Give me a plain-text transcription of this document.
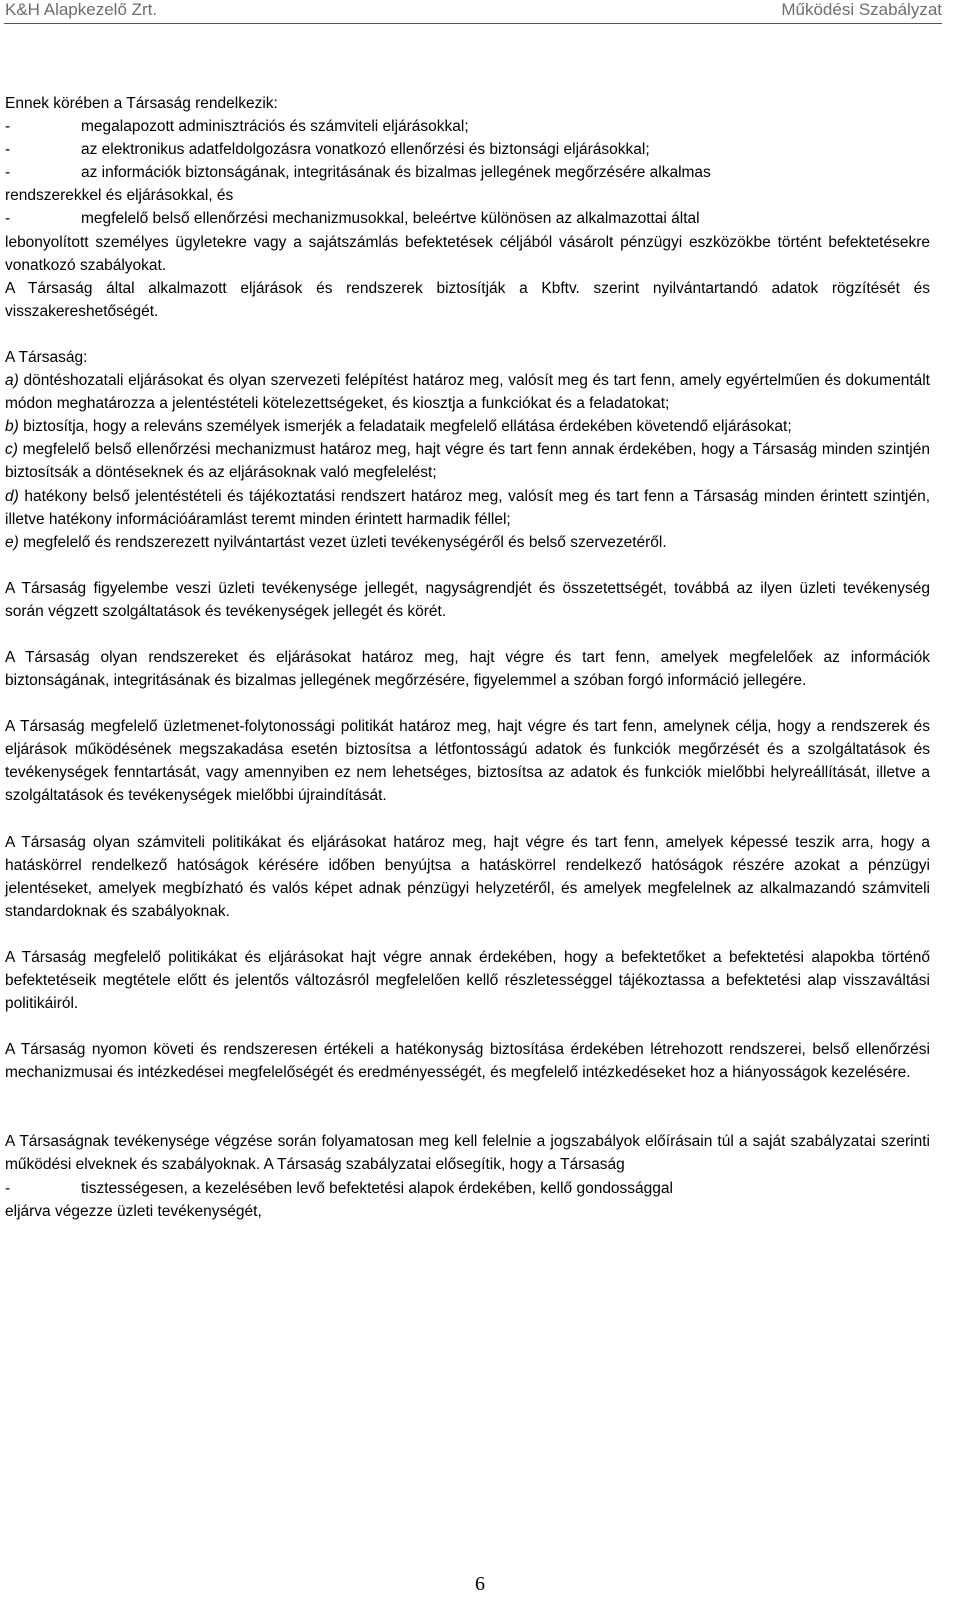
K&H Alapkezelő Zrt.	Működési Szabályzat

Ennek körében a Társaság rendelkezik:

-	megalapozott adminisztrációs és számviteli eljárásokkal;
-	az elektronikus adatfeldolgozásra vonatkozó ellenőrzési és biztonsági eljárásokkal;
-	az információk biztonságának, integritásának és bizalmas jellegének megőrzésére alkalmas

rendszerekkel és eljárásokkal, és

-	megfelelő belső ellenőrzési mechanizmusokkal, beleértve különösen az alkalmazottai által

lebonyolított személyes ügyletekre vagy a sajátszámlás befektetések céljából vásárolt pénzügyi eszközökbe történt befektetésekre vonatkozó szabályokat.

A Társaság által alkalmazott eljárások és rendszerek biztosítják a Kbftv. szerint nyilvántartandó adatok rögzítését és visszakereshetőségét.

A Társaság:

a) döntéshozatali eljárásokat és olyan szervezeti felépítést határoz meg, valósít meg és tart fenn, amely egyértelműen és dokumentált módon meghatározza a jelentéstételi kötelezettségeket, és kiosztja a funkciókat és a feladatokat;

b) biztosítja, hogy a releváns személyek ismerjék a feladataik megfelelő ellátása érdekében követendő eljárásokat;

c) megfelelő belső ellenőrzési mechanizmust határoz meg, hajt végre és tart fenn annak érdekében, hogy a Társaság minden szintjén biztosítsák a döntéseknek és az eljárásoknak való megfelelést;

d) hatékony belső jelentéstételi és tájékoztatási rendszert határoz meg, valósít meg és tart fenn a Társaság minden érintett szintjén, illetve hatékony információáramlást teremt minden érintett harmadik féllel;

e) megfelelő és rendszerezett nyilvántartást vezet üzleti tevékenységéről és belső szervezetéről.

A Társaság figyelembe veszi üzleti tevékenysége jellegét, nagyságrendjét és összetettségét, továbbá az ilyen üzleti tevékenység során végzett szolgáltatások és tevékenységek jellegét és körét.

A Társaság olyan rendszereket és eljárásokat határoz meg, hajt végre és tart fenn, amelyek megfelelőek az információk biztonságának, integritásának és bizalmas jellegének megőrzésére, figyelemmel a szóban forgó információ jellegére.

A Társaság megfelelő üzletmenet-folytonossági politikát határoz meg, hajt végre és tart fenn, amelynek célja, hogy a rendszerek és eljárások működésének megszakadása esetén biztosítsa a létfontosságú adatok és funkciók megőrzését és a szolgáltatások és tevékenységek fenntartását, vagy amennyiben ez nem lehetséges, biztosítsa az adatok és funkciók mielőbbi helyreállítását, illetve a szolgáltatások és tevékenységek mielőbbi újraindítását.

A Társaság olyan számviteli politikákat és eljárásokat határoz meg, hajt végre és tart fenn, amelyek képessé teszik arra, hogy a hatáskörrel rendelkező hatóságok kérésére időben benyújtsa a hatáskörrel rendelkező hatóságok részére azokat a pénzügyi jelentéseket, amelyek megbízható és valós képet adnak pénzügyi helyzetéről, és amelyek megfelelnek az alkalmazandó számviteli standardoknak és szabályoknak.

A Társaság megfelelő politikákat és eljárásokat hajt végre annak érdekében, hogy a befektetőket a befektetési alapokba történő befektetéseik megtétele előtt és jelentős változásról megfelelően kellő részletességgel tájékoztassa a befektetési alap visszaváltási politikáiról.

A Társaság nyomon követi és rendszeresen értékeli a hatékonyság biztosítása érdekében létrehozott rendszerei, belső ellenőrzési mechanizmusai és intézkedései megfelelőségét és eredményességét, és megfelelő intézkedéseket hoz a hiányosságok kezelésére.

A Társaságnak tevékenysége végzése során folyamatosan meg kell felelnie a jogszabályok előírásain túl a saját szabályzatai szerinti működési elveknek és szabályoknak. A Társaság szabályzatai elősegítik, hogy a Társaság

-	tisztességesen, a kezelésében levő befektetési alapok érdekében, kellő gondossággal

eljárva végezze üzleti tevékenységét,

6
